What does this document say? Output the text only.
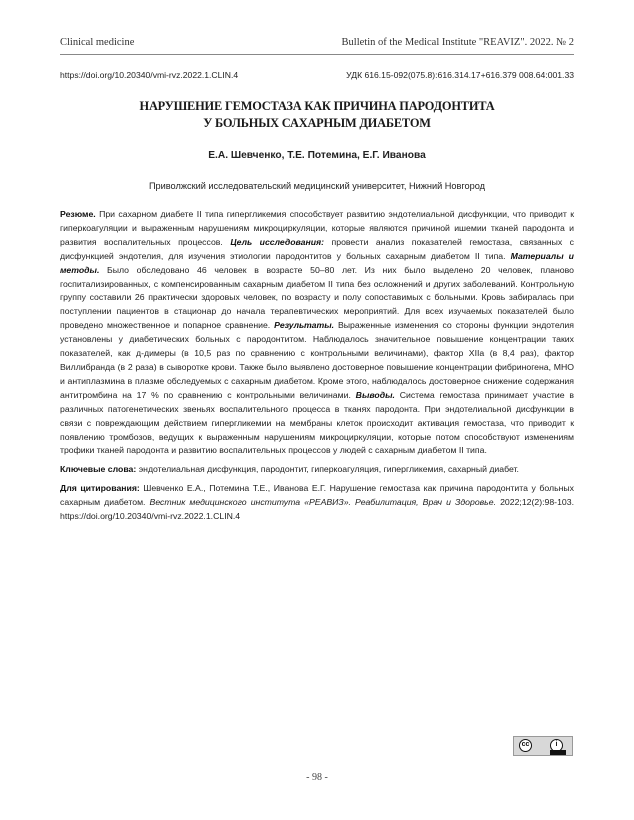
Clinical medicine	Bulletin of the Medical Institute "REAVIZ". 2022. № 2
https://doi.org/10.20340/vmi-rvz.2022.1.CLIN.4	УДК 616.15-092(075.8):616.314.17+616.379 008.64:001.33
НАРУШЕНИЕ ГЕМОСТАЗА КАК ПРИЧИНА ПАРОДОНТИТА
У БОЛЬНЫХ САХАРНЫМ ДИАБЕТОМ
Е.А. Шевченко, Т.Е. Потемина, Е.Г. Иванова
Приволжский исследовательский медицинский университет, Нижний Новгород

Резюме. При сахарном диабете II типа гипергликемия способствует развитию эндотелиальной дисфункции, что приводит к гиперкоагуляции и выраженным нарушениям микроциркуляции, которые являются причиной ишемии тканей пародонта и развития воспалительных процессов. Цель исследования: провести анализ показателей гемостаза, связанных с дисфункцией эндотелия, для изучения этиологии пародонтитов у больных сахарным диабетом II типа. Материалы и методы. Было обследовано 46 человек в возрасте 50–80 лет. Из них было выделено 20 человек, планово госпитализированных, с компенсированным сахарным диабетом II типа без осложнений и других заболеваний. Контрольную группу составили 26 практически здоровых человек, по возрасту и полу сопоставимых с больными. Кровь забиралась при поступлении пациентов в стационар до начала терапевтических мероприятий. Для всех изучаемых показателей было проведено множественное и попарное сравнение. Результаты. Выраженные изменения со стороны функции эндотелия установлены у диабетических больных с пародонтитом. Наблюдалось значительное повышение концентрации таких показателей, как д-димеры (в 10,5 раз по сравнению с контрольными величинами), фактор XIIа (в 8,4 раз), фактор Виллибранда (в 2 раза) в сыворотке крови. Также было выявлено достоверное повышение концентрации фибриногена, МНО и антиплазмина в плазме обследуемых с сахарным диабетом. Кроме этого, наблюдалось достоверное снижение содержания антитромбина на 17 % по сравнению с контрольными величинами. Выводы. Система гемостаза принимает участие в различных патогенетических звеньях воспалительного процесса в тканях пародонта. При эндотелиальной дисфункции в связи с повреждающим действием гипергликемии на мембраны клеток происходит активация гемостаза, что приводит к появлению тромбозов, ведущих к выраженным нарушениям микроциркуляции, которые потом способствуют изменениям трофики тканей пародонта и развитию воспалительных процессов у людей с сахарным диабетом II типа.

Ключевые слова: эндотелиальная дисфункция, пародонтит, гиперкоагуляция, гипергликемия, сахарный диабет.

Для цитирования: Шевченко Е.А., Потемина Т.Е., Иванова Е.Г. Нарушение гемостаза как причина пародонтита у больных сахарным диабетом. Вестник медицинского института «РЕАВИЗ». Реабилитация, Врач и Здоровье. 2022;12(2):98-103. https://doi.org/10.20340/vmi-rvz.2022.1.CLIN.4

cc	i
- 98 -
